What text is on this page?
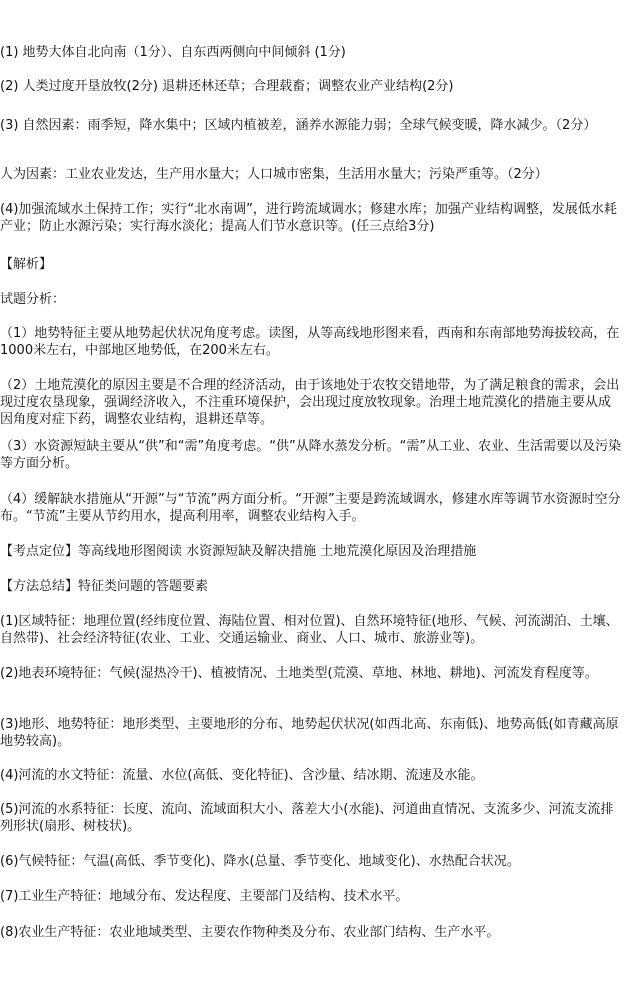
(1) 地势大体自北向南（1分）、自东西两侧向中间倾斜 (1分)
(2) 人类过度开垦放牧(2分) 退耕还林还草；合理载畜；调整农业产业结构(2分)
(3) 自然因素：雨季短，降水集中；区域内植被差，涵养水源能力弱；全球气候变暖，降水减少。（2分）
人为因素：工业农业发达，生产用水量大；人口城市密集，生活用水量大；污染严重等。（2分）
(4)加强流域水土保持工作；实行“北水南调”，进行跨流域调水；修建水库；加强产业结构调整，发展低水耗产业；防止水源污染；实行海水淡化；提高人们节水意识等。(任三点给3分)
【解析】
试题分析：
（1）地势特征主要从地势起伏状况角度考虑。读图，从等高线地形图来看，西南和东南部地势海拔较高，在1000米左右，中部地区地势低，在200米左右。
（2）土地荒漠化的原因主要是不合理的经济活动，由于该地处于农牧交错地带，为了满足粮食的需求，会出现过度农垦现象，强调经济收入，不注重环境保护，会出现过度放牧现象。治理土地荒漠化的措施主要从成因角度对症下药，调整农业结构，退耕还草等。
（3）水资源短缺主要从“供”和“需”角度考虑。“供”从降水蒸发分析。“需”从工业、农业、生活需要以及污染等方面分析。
（4）缓解缺水措施从“开源”与“节流”两方面分析。“开源”主要是跨流域调水，修建水库等调节水资源时空分布。“节流”主要从节约用水，提高利用率，调整农业结构入手。
【考点定位】等高线地形图阅读 水资源短缺及解决措施 土地荒漠化原因及治理措施
【方法总结】特征类问题的答题要素
(1)区域特征：地理位置(经纬度位置、海陆位置、相对位置)、自然环境特征(地形、气候、河流湖泊、土壤、自然带)、社会经济特征(农业、工业、交通运输业、商业、人口、城市、旅游业等)。
(2)地表环境特征：气候(湿热冷干)、植被情况、土地类型(荒漠、草地、林地、耕地)、河流发育程度等。
(3)地形、地势特征：地形类型、主要地形的分布、地势起伏状况(如西北高、东南低)、地势高低(如青藏高原地势较高)。
(4)河流的水文特征：流量、水位(高低、变化特征)、含沙量、结冰期、流速及水能。
(5)河流的水系特征：长度、流向、流域面积大小、落差大小(水能)、河道曲直情况、支流多少、河流支流排列形状(扇形、树枝状)。
(6)气候特征：气温(高低、季节变化)、降水(总量、季节变化、地域变化)、水热配合状况。
(7)工业生产特征：地域分布、发达程度、主要部门及结构、技术水平。
(8)农业生产特征：农业地域类型、主要农作物种类及分布、农业部门结构、生产水平。
